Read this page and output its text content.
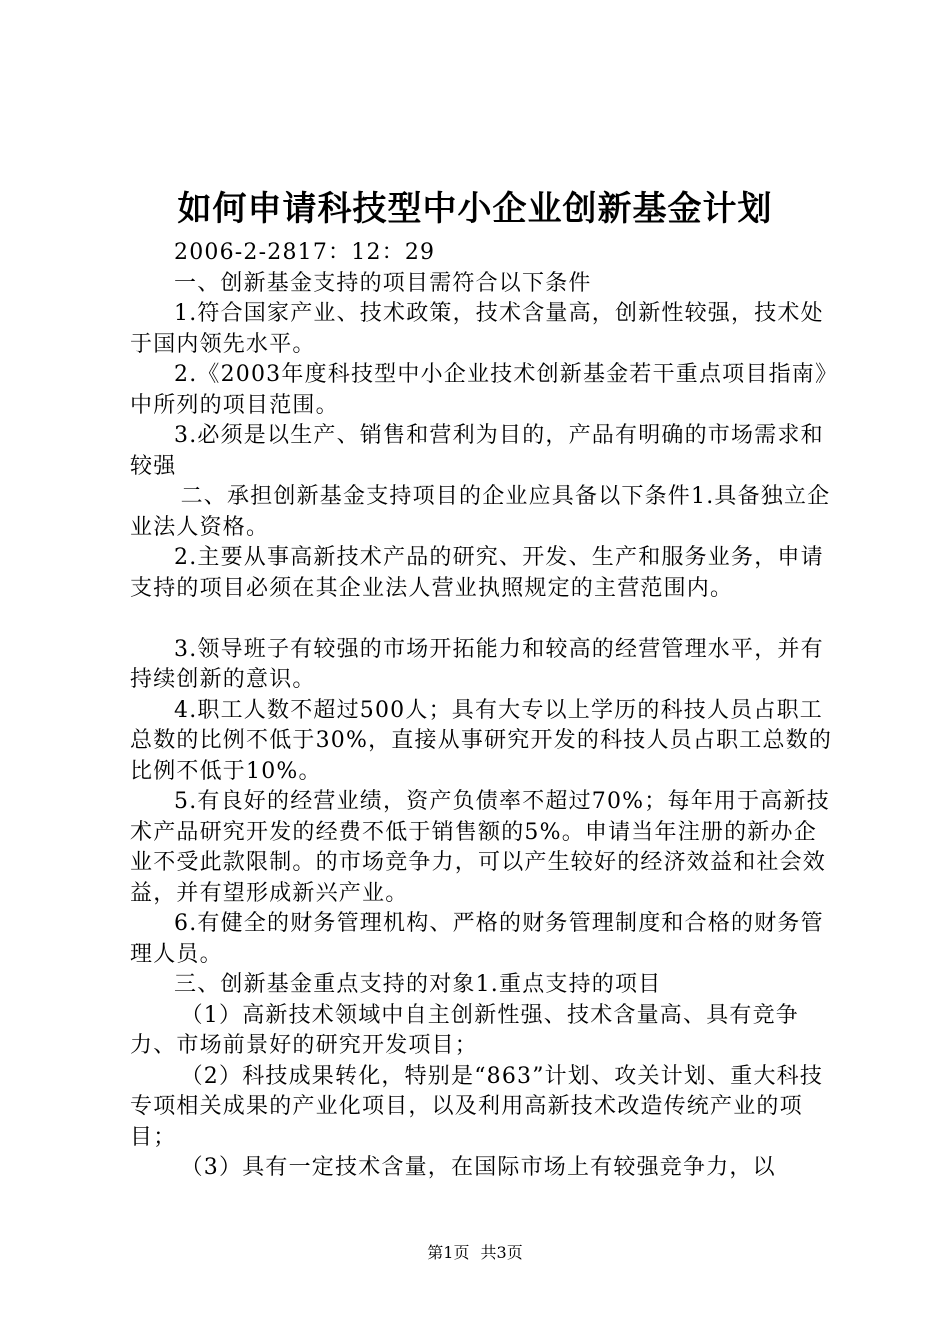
如何申请科技型中小企业创新基金计划

2006-2-2817：12：29

一、创新基金支持的项目需符合以下条件

1.符合国家产业、技术政策，技术含量高，创新性较强，技术处于国内领先水平。

2.《2003年度科技型中小企业技术创新基金若干重点项目指南》中所列的项目范围。

3.必须是以生产、销售和营利为目的，产品有明确的市场需求和较强

二、承担创新基金支持项目的企业应具备以下条件1.具备独立企业法人资格。

2.主要从事高新技术产品的研究、开发、生产和服务业务，申请支持的项目必须在其企业法人营业执照规定的主营范围内。

3.领导班子有较强的市场开拓能力和较高的经营管理水平，并有持续创新的意识。

4.职工人数不超过500人；具有大专以上学历的科技人员占职工总数的比例不低于30%，直接从事研究开发的科技人员占职工总数的比例不低于10%。

5.有良好的经营业绩，资产负债率不超过70%；每年用于高新技术产品研究开发的经费不低于销售额的5%。申请当年注册的新办企业不受此款限制。的市场竞争力，可以产生较好的经济效益和社会效益，并有望形成新兴产业。

6.有健全的财务管理机构、严格的财务管理制度和合格的财务管理人员。

三、创新基金重点支持的对象1.重点支持的项目

（1）高新技术领域中自主创新性强、技术含量高、具有竞争力、市场前景好的研究开发项目；

（2）科技成果转化，特别是“863”计划、攻关计划、重大科技专项相关成果的产业化项目，以及利用高新技术改造传统产业的项目；

（3）具有一定技术含量，在国际市场上有较强竞争力，以

第1页 共3页
